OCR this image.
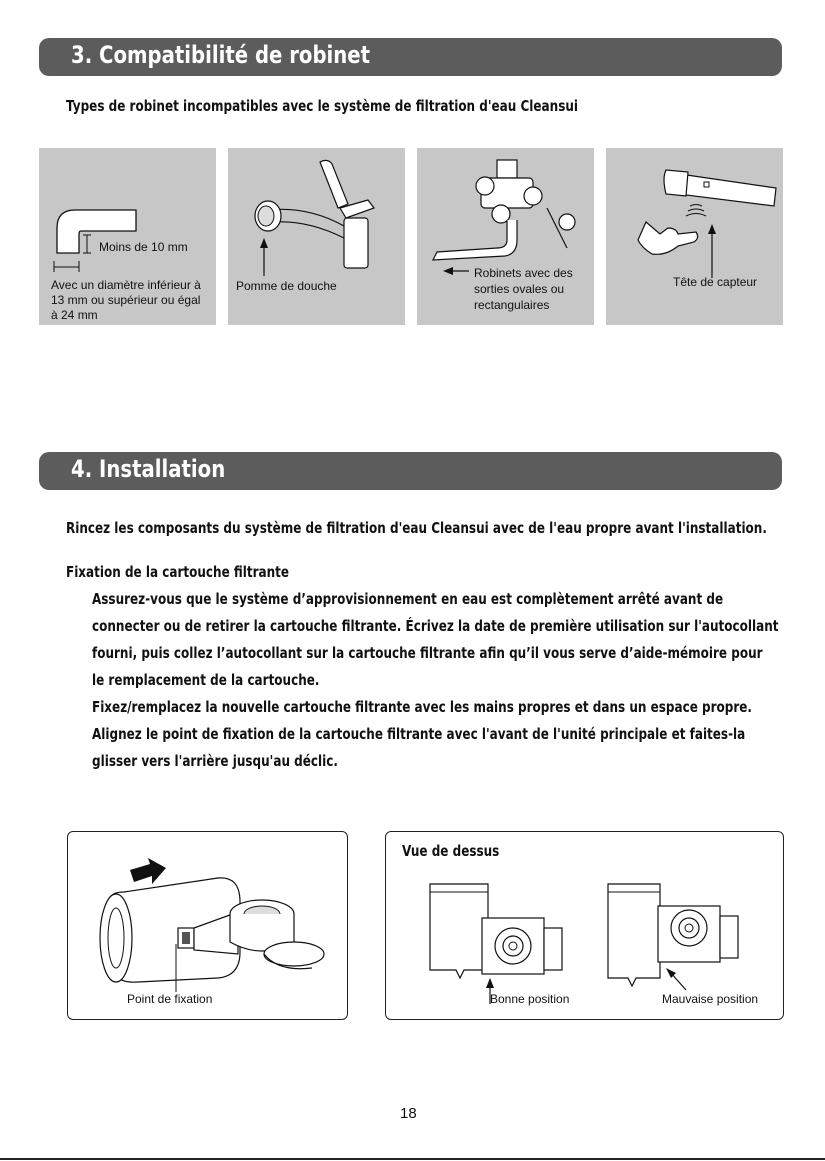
3. Compatibilité de robinet
Types de robinet incompatibles avec le système de filtration d'eau Cleansui
Moins de 10 mm
Avec un diamètre inférieur à
13 mm ou supérieur ou égal
à 24 mm
Pomme de douche
Robinets avec des
sorties ovales ou
rectangulaires
Tête de capteur
4. Installation
Rincez les composants du système de filtration d'eau Cleansui avec de l'eau propre avant l'installation.
Fixation de la cartouche filtrante
Assurez-vous que le système d’approvisionnement en eau est complètement arrêté avant de
connecter ou de retirer la cartouche filtrante. Écrivez la date de première utilisation sur l'autocollant
fourni, puis collez l’autocollant sur la cartouche filtrante afin qu’il vous serve d’aide-mémoire pour
le remplacement de la cartouche.
Fixez/remplacez la nouvelle cartouche filtrante avec les mains propres et dans un espace propre.
Alignez le point de fixation de la cartouche filtrante avec l'avant de l'unité principale et faites-la
glisser vers l'arrière jusqu'au déclic.
Point de fixation
Vue de dessus
Bonne position	Mauvaise position
18
